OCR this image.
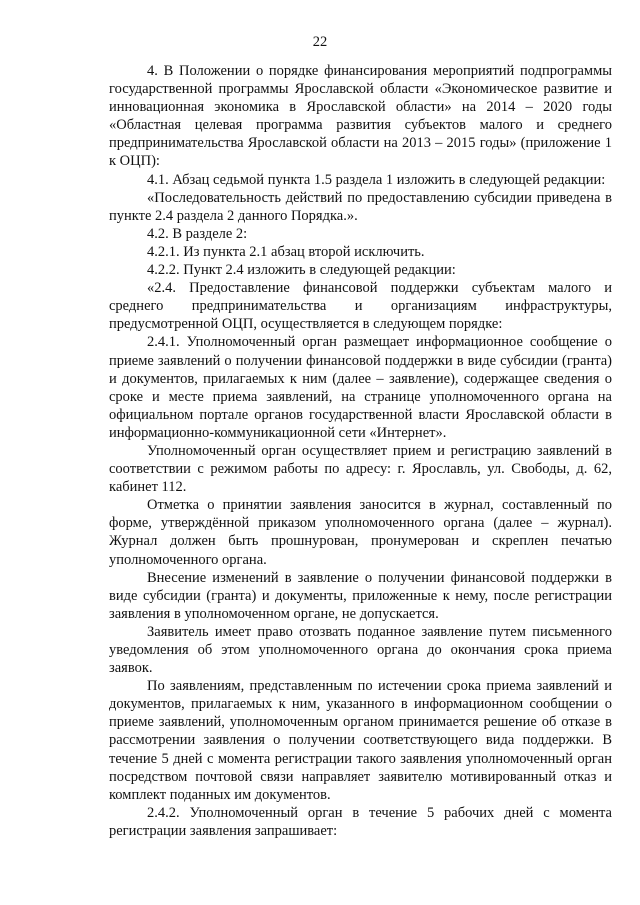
22

4. В Положении о порядке финансирования мероприятий подпрограммы государственной программы Ярославской области «Экономическое развитие и инновационная экономика в Ярославской области» на 2014 – 2020 годы «Областная целевая программа развития субъектов малого и среднего предпринимательства Ярославской области на 2013 – 2015 годы» (приложение 1 к ОЦП):

4.1. Абзац седьмой пункта 1.5 раздела 1 изложить в следующей редакции:

«Последовательность действий по предоставлению субсидии приведена в пункте 2.4 раздела 2 данного Порядка.».

4.2. В разделе 2:

4.2.1. Из пункта 2.1 абзац второй исключить.

4.2.2. Пункт 2.4 изложить в следующей редакции:

«2.4. Предоставление финансовой поддержки субъектам малого и среднего предпринимательства и организациям инфраструктуры, предусмотренной ОЦП, осуществляется в следующем порядке:

2.4.1. Уполномоченный орган размещает информационное сообщение о приеме заявлений о получении финансовой поддержки в виде субсидии (гранта) и документов, прилагаемых к ним (далее – заявление), содержащее сведения о сроке и месте приема заявлений, на странице уполномоченного органа на официальном портале органов государственной власти Ярославской области в информационно-коммуникационной сети «Интернет».

Уполномоченный орган осуществляет прием и регистрацию заявлений в соответствии с режимом работы по адресу: г. Ярославль, ул. Свободы, д. 62, кабинет 112.

Отметка о принятии заявления заносится в журнал, составленный по форме, утверждённой приказом уполномоченного органа (далее – журнал). Журнал должен быть прошнурован, пронумерован и скреплен печатью уполномоченного органа.

Внесение изменений в заявление о получении финансовой поддержки в виде субсидии (гранта) и документы, приложенные к нему, после регистрации заявления в уполномоченном органе, не допускается.

Заявитель имеет право отозвать поданное заявление путем письменного уведомления об этом уполномоченного органа до окончания срока приема заявок.

По заявлениям, представленным по истечении срока приема заявлений и документов, прилагаемых к ним, указанного в информационном сообщении о приеме заявлений, уполномоченным органом принимается решение об отказе в рассмотрении заявления о получении соответствующего вида поддержки. В течение 5 дней с момента регистрации такого заявления уполномоченный орган посредством почтовой связи направляет заявителю мотивированный отказ и комплект поданных им документов.

2.4.2. Уполномоченный орган в течение 5 рабочих дней с момента регистрации заявления запрашивает:
